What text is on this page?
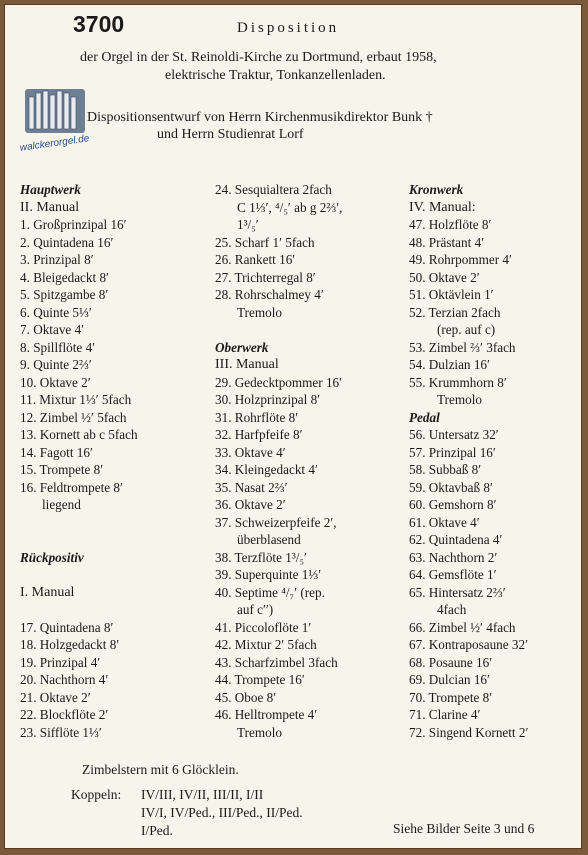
3700	Disposition
der Orgel in der St. Reinoldi-Kirche zu Dortmund, erbaut 1958,
elektrische Traktur, Tonkanzellenladen.
walckerorgel.de
Dispositionsentwurf von Herrn Kirchenmusikdirektor Bunk †
und Herrn Studienrat Lorf
Hauptwerk
II. Manual
1. Großprinzipal 16′
2. Quintadena 16′
3. Prinzipal 8′
4. Bleigedackt 8′
5. Spitzgambe 8′
6. Quinte 5⅓′
7. Oktave 4′
8. Spillflöte 4′
9. Quinte 2⅔′
10. Oktave 2′
11. Mixtur 1⅓′ 5fach
12. Zimbel ½′ 5fach
13. Kornett ab c 5fach
14. Fagott 16′
15. Trompete 8′
16. Feldtrompete 8′
liegend
Rückpositiv
I. Manual
17. Quintadena 8′
18. Holzgedackt 8′
19. Prinzipal 4′
20. Nachthorn 4′
21. Oktave 2′
22. Blockflöte 2′
23. Sifflöte 1⅓′
24. Sesquialtera 2fach
C 1⅓′, ⁴/₅′ ab g 2⅔′,
1³/₅′
25. Scharf 1′ 5fach
26. Rankett 16′
27. Trichterregal 8′
28. Rohrschalmey 4′
Tremolo
Oberwerk
III. Manual
29. Gedecktpommer 16′
30. Holzprinzipal 8′
31. Rohrflöte 8′
32. Harfpfeife 8′
33. Oktave 4′
34. Kleingedackt 4′
35. Nasat 2⅔′
36. Oktave 2′
37. Schweizerpfeife 2′,
überblasend
38. Terzflöte 1³/₅′
39. Superquinte 1⅓′
40. Septime ⁴/₇′ (rep.
auf c′′)
41. Piccoloflöte 1′
42. Mixtur 2′ 5fach
43. Scharfzimbel 3fach
44. Trompete 16′
45. Oboe 8′
46. Helltrompete 4′
Tremolo
Kronwerk
IV. Manual:
47. Holzflöte 8′
48. Prästant 4′
49. Rohrpommer 4′
50. Oktave 2′
51. Oktävlein 1′
52. Terzian 2fach
(rep. auf c)
53. Zimbel ⅔′ 3fach
54. Dulzian 16′
55. Krummhorn 8′
Tremolo
Pedal
56. Untersatz 32′
57. Prinzipal 16′
58. Subbaß 8′
59. Oktavbaß 8′
60. Gemshorn 8′
61. Oktave 4′
62. Quintadena 4′
63. Nachthorn 2′
64. Gemsflöte 1′
65. Hintersatz 2⅔′
4fach
66. Zimbel ½′ 4fach
67. Kontraposaune 32′
68. Posaune 16′
69. Dulcian 16′
70. Trompete 8′
71. Clarine 4′
72. Singend Kornett 2′
Zimbelstern mit 6 Glöcklein.
Koppeln: IV/III, IV/II, III/II, I/II
IV/I, IV/Ped., III/Ped., II/Ped.
I/Ped.	Siehe Bilder Seite 3 und 6
